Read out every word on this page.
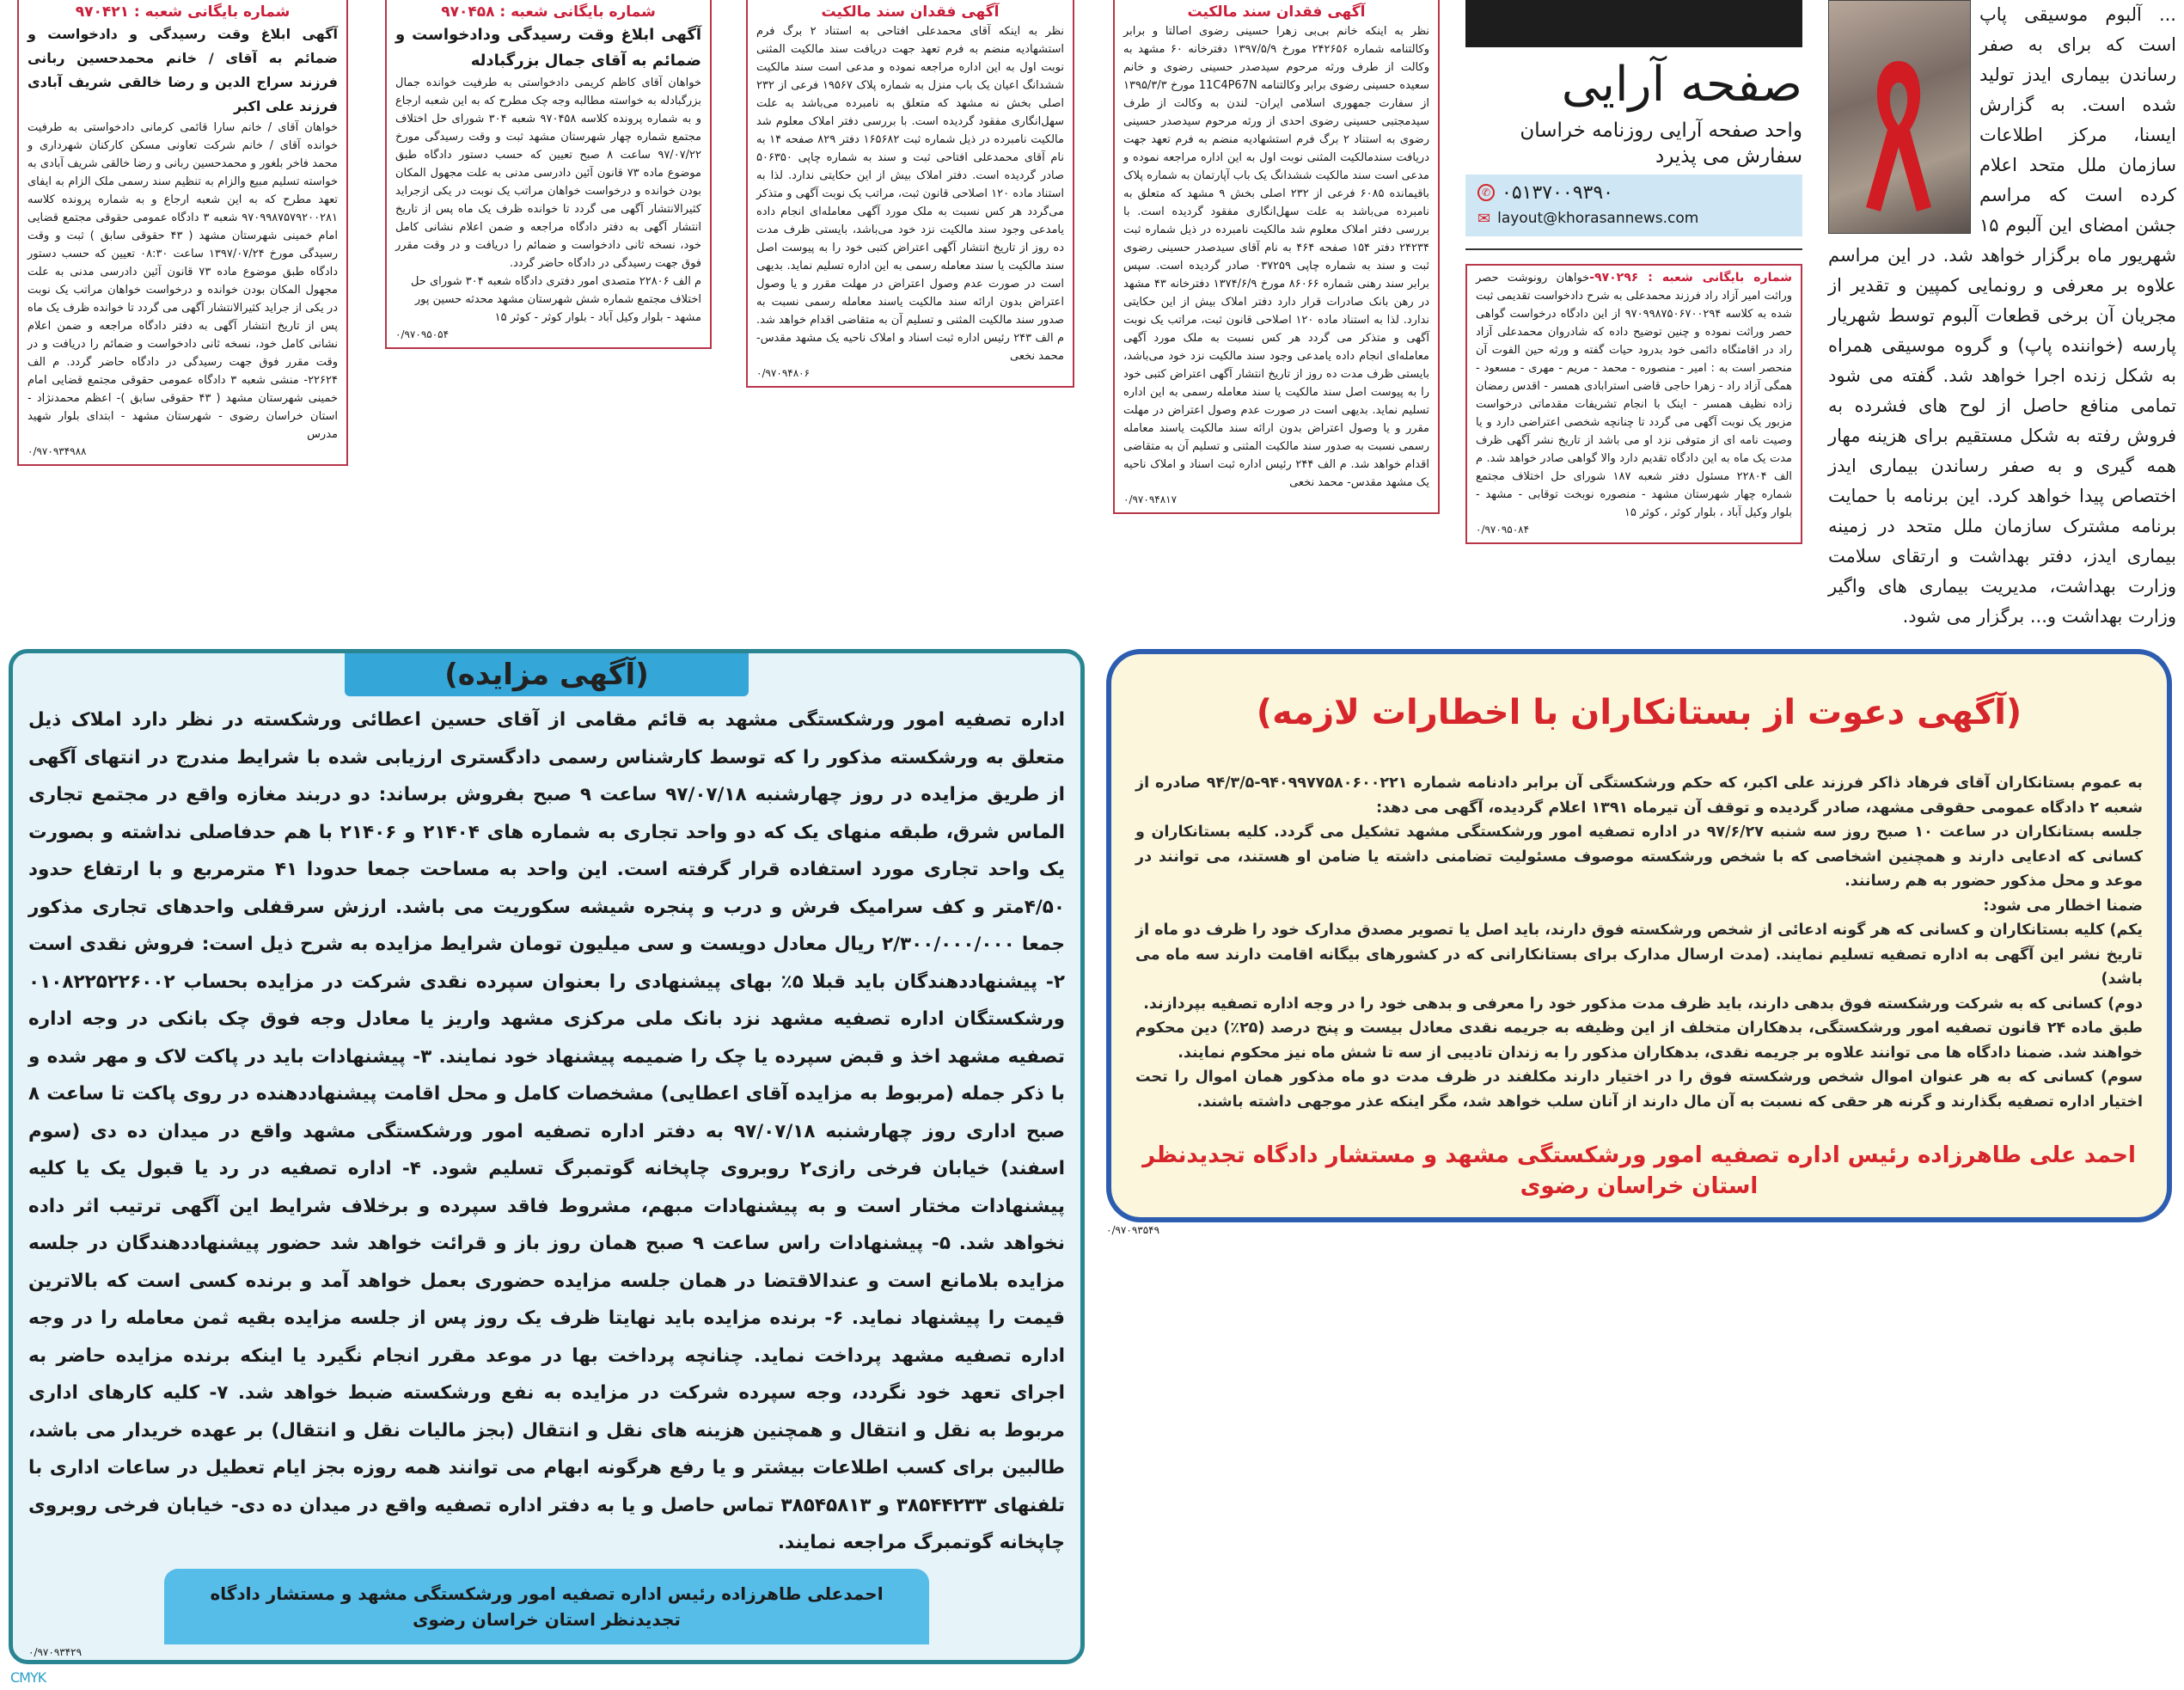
شماره بایگانی شعبه : ۹۷۰۴۲۱
آگهی ابلاغ وقت رسیدگی و دادخواست و ضمائم به آقای / خانم محمدحسین ربانی فرزند سراج الدین و رضا خالقی شریف آبادی فرزند علی اکبر
خواهان آقای / خانم سارا قائمی کرمانی دادخواستی به طرفیت خوانده آقای / خانم شرکت تعاونی مسکن کارکنان شهرداری و محمد فاخر بلغور و محمدحسین ربانی و رضا خالقی شریف آبادی به خواسته تسلیم مبیع والزام به تنظیم سند رسمی ملک الزام به ایفای تعهد مطرح که به این شعبه ارجاع و به شماره پرونده کلاسه ۹۷۰۹۹۸۷۵۷۹۲۰۰۲۸۱ شعبه ۳ دادگاه عمومی حقوقی مجتمع قضایی امام خمینی شهرستان مشهد ( ۴۳ حقوقی سابق ) ثبت و وقت رسیدگی مورخ ۱۳۹۷/۰۷/۲۴ ساعت ۰۸:۳۰ تعیین که حسب دستور دادگاه طبق موضوع ماده ۷۳ قانون آئین دادرسی مدنی به علت مجهول المکان بودن خوانده و درخواست خواهان مراتب یک نوبت در یکی از جراید کثیرالانتشار آگهی می گردد تا خوانده ظرف یک ماه پس از تاریخ انتشار آگهی به دفتر دادگاه مراجعه و ضمن اعلام نشانی کامل خود، نسخه ثانی دادخواست و ضمائم را دریافت و در وقت مقرر فوق جهت رسیدگی در دادگاه حاضر گردد. م الف ۲۲۶۲۴- منشی شعبه ۳ دادگاه عمومی حقوقی مجتمع قضایی امام خمینی شهرستان مشهد ( ۴۳ حقوقی سابق )- اعظم محمدنژاد - استان خراسان رضوی - شهرستان مشهد - ابتدای بلوار شهید مدرس
۰/۹۷۰۹۳۴۹۸۸
شماره بایگانی شعبه : ۹۷۰۴۵۸
آگهی ابلاغ وقت رسیدگی ودادخواست و ضمائم به آقای جمال بزرگبادله
خواهان آقای کاظم کریمی دادخواستی به طرفیت خوانده جمال بزرگبادله به خواسته مطالبه وجه چک مطرح که به این شعبه ارجاع و به شماره پرونده کلاسه ۹۷۰۴۵۸ شعبه ۳۰۴ شورای حل اختلاف مجتمع شماره چهار شهرستان مشهد ثبت و وقت رسیدگی مورخ ۹۷/۰۷/۲۲ ساعت ۸ صبح تعیین که حسب دستور دادگاه طبق موضوع ماده ۷۳ قانون آئین دادرسی مدنی به علت مجهول المکان بودن خوانده و درخواست خواهان مراتب یک نوبت در یکی ازجراید کثیرالانتشار آگهی می گردد تا خوانده ظرف یک ماه پس از تاریخ انتشار آگهی به دفتر دادگاه مراجعه و ضمن اعلام نشانی کامل خود، نسخه ثانی دادخواست و ضمائم را دریافت و در وقت مقرر فوق جهت رسیدگی در دادگاه حاضر گردد.
م الف ۲۲۸۰۶ متصدی امور دفتری دادگاه شعبه ۳۰۴ شورای حل اختلاف مجتمع شماره شش شهرستان مشهد محدثه حسین پور مشهد - بلوار وکیل آباد - بلوار کوثر - کوثر ۱۵
۰/۹۷۰۹۵۰۵۴
آگهی فقدان سند مالکیت
نظر به اینکه آقای محمدعلی افتاحی به استناد ۲ برگ فرم استشهادیه منضم به فرم تعهد جهت دریافت سند مالکیت المثنی نوبت اول به این اداره مراجعه نموده و مدعی است سند مالکیت ششدانگ اعیان یک باب منزل به شماره پلاک ۱۹۵۶۷ فرعی از ۲۳۲ اصلی بخش نه مشهد که متعلق به نامبرده می‌باشد به علت سهل‌انگاری مفقود گردیده است. با بررسی دفتر املاک معلوم شد مالکیت نامبرده در ذیل شماره ثبت ۱۶۵۶۸۲ دفتر ۸۲۹ صفحه ۱۴ به نام آقای محمدعلی افتاحی ثبت و سند به شماره چاپی ۵۰۶۳۵۰ صادر گردیده است. دفتر املاک بیش از این حکایتی ندارد. لذا به استناد ماده ۱۲۰ اصلاحی قانون ثبت، مراتب یک نوبت آگهی و متذکر می‌گردد هر کس نسبت به ملک مورد آگهی معامله‌ای انجام داده یامدعی وجود سند مالکیت نزد خود می‌باشد، بایستی ظرف مدت ده روز از تاریخ انتشار آگهی اعتراض کتبی خود را به پیوست اصل سند مالکیت یا سند معامله رسمی به این اداره تسلیم نماید. بدیهی است در صورت عدم وصول اعتراض در مهلت مقرر و یا وصول اعتراض بدون ارائه سند مالکیت یاسند معامله رسمی نسبت به صدور سند مالکیت المثنی و تسلیم آن به متقاضی اقدام خواهد شد. م الف ۲۴۳ رئیس اداره ثبت اسناد و املاک ناحیه یک مشهد مقدس- محمد نخعی
۰/۹۷۰۹۴۸۰۶
آگهی فقدان سند مالکیت
نظر به اینکه خانم بی‌بی زهرا حسینی رضوی اصالتا و برابر وکالتنامه شماره ۲۴۲۶۵۶ مورخ ۱۳۹۷/۵/۹ دفترخانه ۶۰ مشهد به وکالت از طرف ورثه مرحوم سیدصدر حسینی رضوی و خانم سعیده حسینی رضوی برابر وکالتنامه 11C4P67N مورخ ۱۳۹۵/۳/۳ از سفارت جمهوری اسلامی ایران- لندن به وکالت از طرف سیدمجتبی حسینی رضوی احدی از ورثه مرحوم سیدصدر حسینی رضوی به استناد ۲ برگ فرم استشهادیه منضم به فرم تعهد جهت دریافت سندمالکیت المثنی نوبت اول به این اداره مراجعه نموده و مدعی است سند مالکیت ششدانگ یک باب آپارتمان به شماره پلاک باقیمانده ۶۰۸۵ فرعی از ۲۳۲ اصلی بخش ۹ مشهد که متعلق به نامبرده می‌باشد به علت سهل‌انگاری مفقود گردیده است. با بررسی دفتر املاک معلوم شد مالکیت نامبرده در ذیل شماره ثبت ۲۴۲۳۴ دفتر ۱۵۴ صفحه ۴۶۴ به نام آقای سیدصدر حسینی رضوی ثبت و سند به شماره چاپی ۰۳۷۲۵۹ صادر گردیده است. سپس برابر سند رهنی شماره ۸۶۰۶۶ مورخ ۱۳۷۴/۶/۹ دفترخانه ۴۳ مشهد در رهن بانک صادرات قرار دارد دفتر املاک بیش از این حکایتی ندارد. لذا به استناد ماده ۱۲۰ اصلاحی قانون ثبت، مراتب یک نوبت آگهی و متذکر می گردد هر کس نسبت به ملک مورد آگهی معامله‌ای انجام داده یامدعی وجود سند مالکیت نزد خود می‌باشد، بایستی ظرف مدت ده روز از تاریخ انتشار آگهی اعتراض کتبی خود را به پیوست اصل سند مالکیت یا سند معامله رسمی به این اداره تسلیم نماید. بدیهی است در صورت عدم وصول اعتراض در مهلت مقرر و یا وصول اعتراض بدون ارائه سند مالکیت یاسند معامله رسمی نسبت به صدور سند مالکیت المثنی و تسلیم آن به متقاضی اقدام خواهد شد. م الف ۲۴۴ رئیس اداره ثبت اسناد و املاک ناحیه یک مشهد مقدس- محمد نخعی
۰/۹۷۰۹۴۸۱۷
صفحه آرایی
واحد صفحه آرایی روزنامه خراسان
سفارش می پذیرد
✆ ۰۵۱۳۷۰۰۹۳۹۰
✉ layout@khorasannews.com
شماره بایگانی شعبه : ۹۷۰۲۹۶-خواهان رونوشت حصر وراثت امیر آزاد راد فرزند محمدعلی به شرح دادخواست تقدیمی ثبت شده به کلاسه ۹۷۰۹۹۸۷۵۰۶۷۰۰۲۹۴ از این دادگاه درخواست گواهی حصر وراثت نموده و چنین توضیح داده که شادروان محمدعلی آزاد راد در اقامتگاه دائمی خود بدرود حیات گفته و ورثه حین الفوت آن منحصر است به : امیر - منصوره - محمد - مریم - مهری - مسعود - همگی آزاد راد - زهرا حاجی قاضی استرابادی همسر - اقدس رمضان زاده نظیف همسر - اینک با انجام تشریفات مقدماتی درخواست مزبور یک نوبت آگهی می گردد تا چنانچه شخصی اعتراضی دارد و یا وصیت نامه ای از متوفی نزد او می باشد از تاریخ نشر آگهی ظرف مدت یک ماه به این دادگاه تقدیم دارد والا گواهی صادر خواهد شد. م الف ۲۲۸۰۴ مسئول دفتر شعبه ۱۸۷ شورای حل اختلاف مجتمع شماره چهار شهرستان مشهد - منصوره نوبخت توقابی - مشهد - بلوار وکیل آباد ، بلوار کوثر ، کوثر ۱۵
۰/۹۷۰۹۵۰۸۴
... آلبوم موسیقی پاپ است که برای به صفر رساندن بیماری ایدز تولید شده است. به گزارش ایسنا، مرکز اطلاعات سازمان ملل متحد اعلام کرده است که مراسم جشن امضای این آلبوم ۱۵ شهریور ماه برگزار خواهد شد. در این مراسم علاوه بر معرفی و رونمایی کمپین و تقدیر از مجریان آن برخی قطعات آلبوم توسط شهریار پارسه (خواننده پاپ) و گروه موسیقی همراه به شکل زنده اجرا خواهد شد. گفته می شود تمامی منافع حاصل از لوح های فشرده به فروش رفته به شکل مستقیم برای هزینه مهار همه گیری و به صفر رساندن بیماری ایدز اختصاص پیدا خواهد کرد. این برنامه با حمایت برنامه مشترک سازمان ملل متحد در زمینه بیماری ایدز، دفتر بهداشت و ارتقای سلامت وزارت بهداشت، مدیریت بیماری های واگیر وزارت بهداشت و... برگزار می شود.
(آگهی مزایده)
اداره تصفیه امور ورشکستگی مشهد به قائم مقامی از آقای حسین اعطائی ورشکسته در نظر دارد املاک ذیل متعلق به ورشکسته مذکور را که توسط کارشناس رسمی دادگستری ارزیابی شده با شرایط مندرج در انتهای آگهی از طریق مزایده در روز چهارشنبه ۹۷/۰۷/۱۸ ساعت ۹ صبح بفروش برساند: دو دربند مغازه واقع در مجتمع تجاری الماس شرق، طبقه منهای یک که دو واحد تجاری به شماره های ۲۱۴۰۴ و ۲۱۴۰۶ با هم حدفاصلی نداشته و بصورت یک واحد تجاری مورد استفاده قرار گرفته است. این واحد به مساحت جمعا حدودا ۴۱ مترمربع و با ارتفاع حدود ۴/۵۰متر و کف سرامیک فرش و درب و پنجره شیشه سکوریت می باشد. ارزش سرقفلی واحدهای تجاری مذکور جمعا ۲/۳۰۰/۰۰۰/۰۰۰ ریال معادل دویست و سی میلیون تومان شرایط مزایده به شرح ذیل است: فروش نقدی است ۲- پیشنهاددهندگان باید قبلا ۵٪ بهای پیشنهادی را بعنوان سپرده نقدی شرکت در مزایده بحساب ۰۱۰۸۲۲۵۲۲۶۰۰۲ ورشکستگان اداره تصفیه مشهد نزد بانک ملی مرکزی مشهد واریز یا معادل وجه فوق چک بانکی در وجه اداره تصفیه مشهد اخذ و قبض سپرده یا چک را ضمیمه پیشنهاد خود نمایند. ۳- پیشنهادات باید در پاکت لاک و مهر شده و با ذکر جمله (مربوط به مزایده آقای اعطایی) مشخصات کامل و محل اقامت پیشنهاددهنده در روی پاکت تا ساعت ۸ صبح اداری روز چهارشنبه ۹۷/۰۷/۱۸ به دفتر اداره تصفیه امور ورشکستگی مشهد واقع در میدان ده دی (سوم اسفند) خیابان فرخی رازی۲ روبروی چاپخانه گوتمبرگ تسلیم شود. ۴- اداره تصفیه در رد یا قبول یک یا کلیه پیشنهادات مختار است و به پیشنهادات مبهم، مشروط فاقد سپرده و برخلاف شرایط این آگهی ترتیب اثر داده نخواهد شد. ۵- پیشنهادات راس ساعت ۹ صبح همان روز باز و قرائت خواهد شد حضور پیشنهاددهندگان در جلسه مزایده بلامانع است و عندالاقتضا در همان جلسه مزایده حضوری بعمل خواهد آمد و برنده کسی است که بالاترین قیمت را پیشنهاد نماید. ۶- برنده مزایده باید نهایتا ظرف یک روز پس از جلسه مزایده بقیه ثمن معامله را در وجه اداره تصفیه مشهد پرداخت نماید. چنانچه پرداخت بها در موعد مقرر انجام نگیرد یا اینکه برنده مزایده حاضر به اجرای تعهد خود نگردد، وجه سپرده شرکت در مزایده به نفع ورشکسته ضبط خواهد شد. ۷- کلیه کارهای اداری مربوط به نقل و انتقال و همچنین هزینه های نقل و انتقال (بجز مالیات نقل و انتقال) بر عهده خریدار می باشد، طالبین برای کسب اطلاعات بیشتر و یا رفع هرگونه ابهام می توانند همه روزه بجز ایام تعطیل در ساعات اداری با تلفنهای ۳۸۵۴۴۲۳۳ و ۳۸۵۴۵۸۱۳ تماس حاصل و یا به دفتر اداره تصفیه واقع در میدان ده دی- خیابان فرخی روبروی چاپخانه گوتمبرگ مراجعه نمایند.
احمدعلی طاهرزاده رئیس اداره تصفیه امور ورشکستگی مشهد و مستشار دادگاه تجدیدنظر استان خراسان رضوی
۰/۹۷۰۹۳۴۲۹
(آگهی دعوت از بستانکاران با اخطارات لازمه)

به عموم بستانکاران آقای فرهاد ذاکر فرزند علی اکبر، که حکم ورشکستگی آن برابر دادنامه شماره ۹۴۰۹۹۷۷۵۸۰۶۰۰۲۲۱-۹۴/۳/۵ صادره از شعبه ۲ دادگاه عمومی حقوقی مشهد، صادر گردیده و توقف آن تیرماه ۱۳۹۱ اعلام گردیده، آگهی می دهد:

جلسه بستانکاران در ساعت ۱۰ صبح روز سه شنبه ۹۷/۶/۲۷ در اداره تصفیه امور ورشکستگی مشهد تشکیل می گردد. کلیه بستانکاران و کسانی که ادعایی دارند و همچنین اشخاصی که با شخص ورشکسته موصوف مسئولیت تضامنی داشته یا ضامن او هستند، می توانند در موعد و محل مذکور حضور به هم رسانند.

ضمنا اخطار می شود:

یکم) کلیه بستانکاران و کسانی که هر گونه ادعائی از شخص ورشکسته فوق دارند، باید اصل یا تصویر مصدق مدارک خود را ظرف دو ماه از تاریخ نشر این آگهی به اداره تصفیه تسلیم نمایند. (مدت ارسال مدارک برای بستانکارانی که در کشورهای بیگانه اقامت دارند سه ماه می باشد)

دوم) کسانی که به شرکت ورشکسته فوق بدهی دارند، باید ظرف مدت مذکور خود را معرفی و بدهی خود را در وجه اداره تصفیه بپردازند.

طبق ماده ۲۴ قانون تصفیه امور ورشکستگی، بدهکاران متخلف از این وظیفه به جریمه نقدی معادل بیست و پنج درصد (۲۵٪) دین محکوم خواهند شد. ضمنا دادگاه ها می توانند علاوه بر جریمه نقدی، بدهکاران مذکور را به زندان تادیبی از سه تا شش ماه نیز محکوم نمایند.

سوم) کسانی که به هر عنوان اموال شخص ورشکسته فوق را در اختیار دارند مکلفند در ظرف مدت دو ماه مذکور همان اموال را تحت اختیار اداره تصفیه بگذارند و گرنه هر حقی که نسبت به آن مال دارند از آنان سلب خواهد شد، مگر اینکه عذر موجهی داشته باشند.

احمد علی طاهرزاده رئیس اداره تصفیه امور ورشکستگی مشهد و مستشار دادگاه تجدیدنظر استان خراسان رضوی
۰/۹۷۰۹۳۵۴۹
CMYK
